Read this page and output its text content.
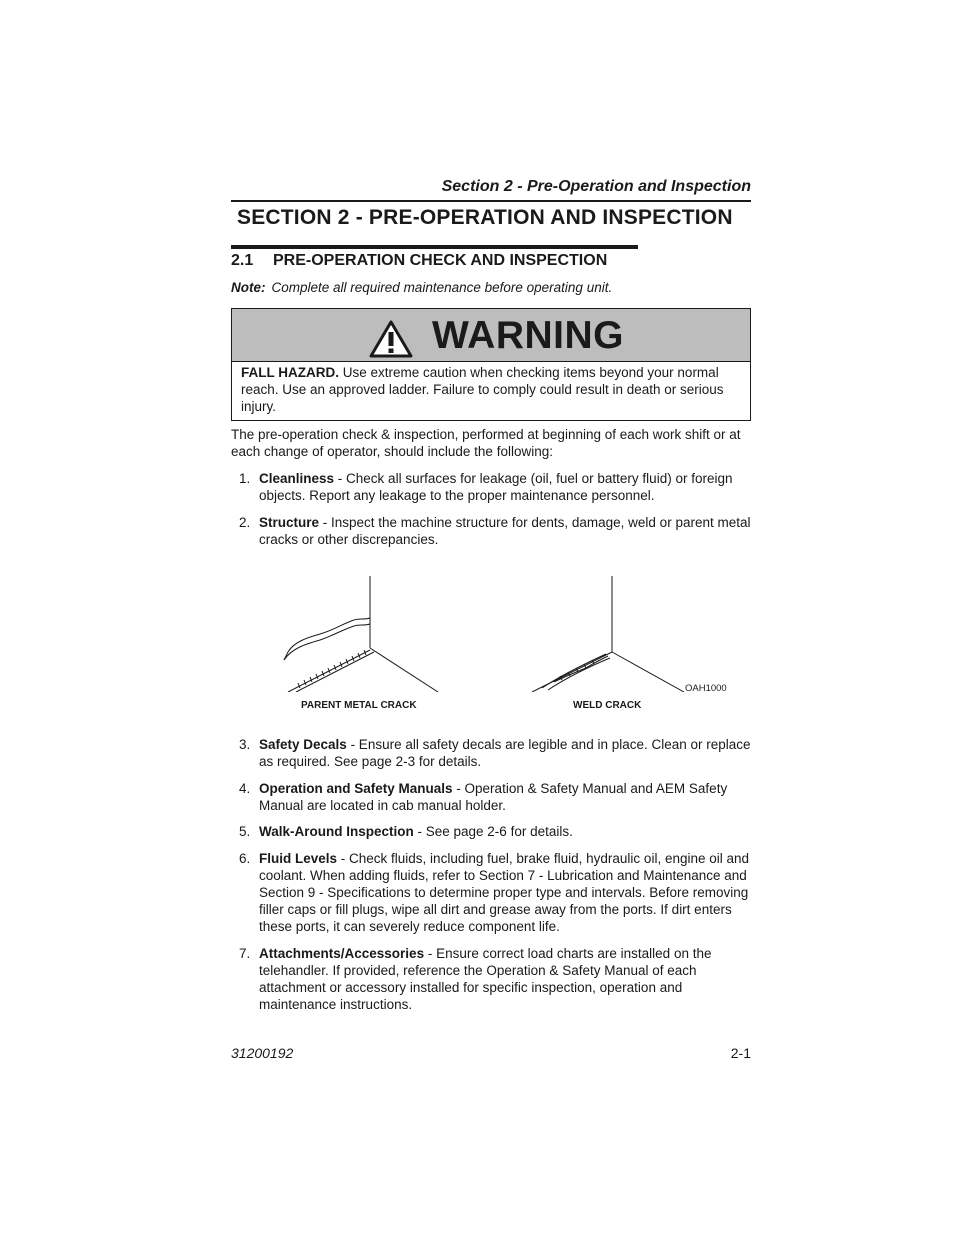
Section 2 - Pre-Operation and Inspection
SECTION 2 - PRE-OPERATION AND INSPECTION
2.1 PRE-OPERATION CHECK AND INSPECTION
Note: Complete all required maintenance before operating unit.
WARNING
FALL HAZARD. Use extreme caution when checking items beyond your normal reach. Use an approved ladder. Failure to comply could result in death or serious injury.
The pre-operation check & inspection, performed at beginning of each work shift or at each change of operator, should include the following:
1. Cleanliness - Check all surfaces for leakage (oil, fuel or battery fluid) or foreign objects. Report any leakage to the proper maintenance personnel.
2. Structure - Inspect the machine structure for dents, damage, weld or parent metal cracks or other discrepancies.
OAH1000
PARENT METAL CRACK	WELD CRACK
3. Safety Decals - Ensure all safety decals are legible and in place. Clean or replace as required. See page 2-3 for details.
4. Operation and Safety Manuals - Operation & Safety Manual and AEM Safety Manual are located in cab manual holder.
5. Walk-Around Inspection - See page 2-6 for details.
6. Fluid Levels - Check fluids, including fuel, brake fluid, hydraulic oil, engine oil and coolant. When adding fluids, refer to Section 7 - Lubrication and Maintenance and Section 9 - Specifications to determine proper type and intervals. Before removing filler caps or fill plugs, wipe all dirt and grease away from the ports. If dirt enters these ports, it can severely reduce component life.
7. Attachments/Accessories - Ensure correct load charts are installed on the telehandler. If provided, reference the Operation & Safety Manual of each attachment or accessory installed for specific inspection, operation and maintenance instructions.
31200192	2-1
